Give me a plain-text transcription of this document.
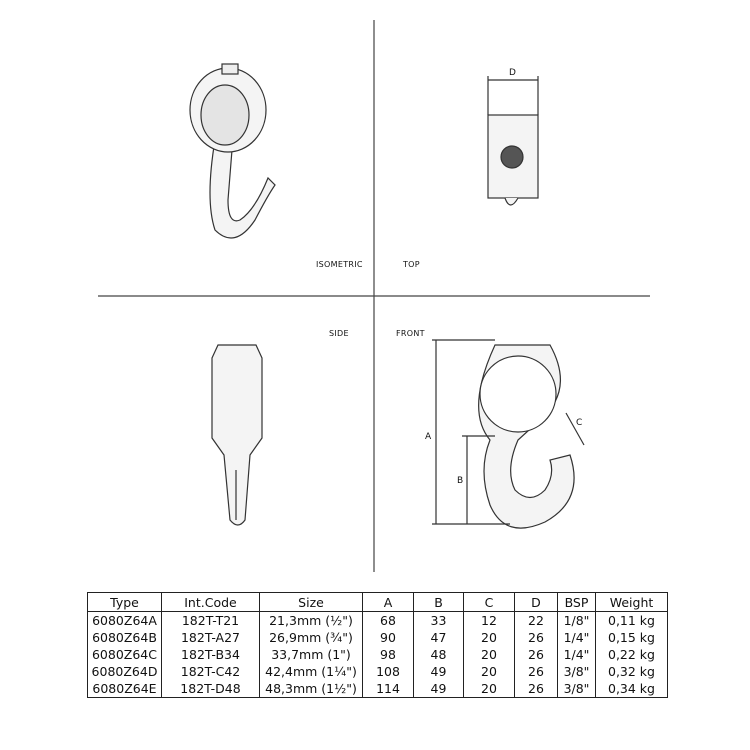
ISOMETRIC	TOP
SIDE	FRONT
D
A
B
C
Type	Int.Code	Size	A	B	C	D	BSP	Weight
6080Z64A	182T-T21	21,3mm (½")	68	33	12	22	1/8"	0,11 kg
6080Z64B	182T-A27	26,9mm (¾")	90	47	20	26	1/4"	0,15 kg
6080Z64C	182T-B34	33,7mm (1")	98	48	20	26	1/4"	0,22 kg
6080Z64D	182T-C42	42,4mm (1¼")	108	49	20	26	3/8"	0,32 kg
6080Z64E	182T-D48	48,3mm (1½")	114	49	20	26	3/8"	0,34 kg
